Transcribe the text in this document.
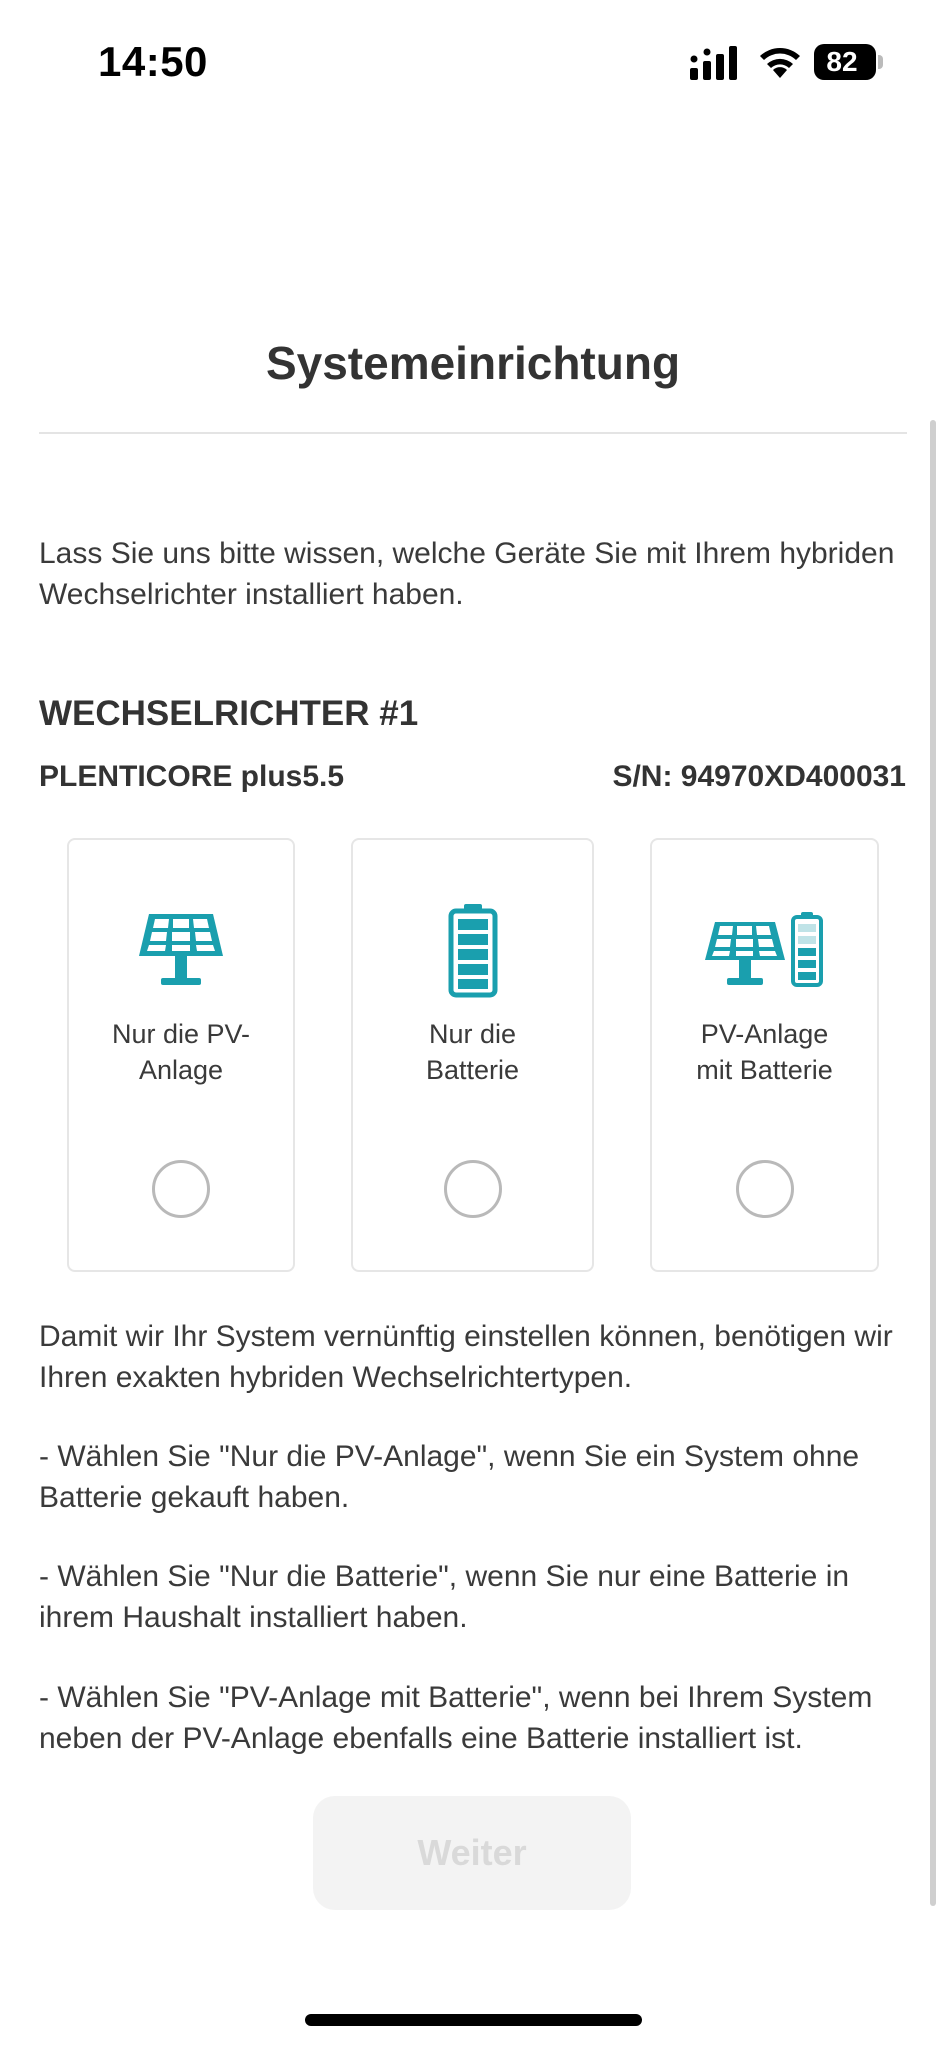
14:50	82
Systemeinrichtung
Lass Sie uns bitte wissen, welche Geräte Sie mit Ihrem hybriden Wechselrichter installiert haben.
WECHSELRICHTER #1
PLENTICORE plus5.5	S/N: 94970XD400031
Nur die PV-
Anlage
Nur die
Batterie
PV-Anlage
mit Batterie
Damit wir Ihr System vernünftig einstellen können, benötigen wir Ihren exakten hybriden Wechselrichtertypen.
- Wählen Sie "Nur die PV-Anlage", wenn Sie ein System ohne Batterie gekauft haben.
- Wählen Sie "Nur die Batterie", wenn Sie nur eine Batterie in ihrem Haushalt installiert haben.
- Wählen Sie "PV-Anlage mit Batterie", wenn bei Ihrem System neben der PV-Anlage ebenfalls eine Batterie installiert ist.
Weiter
